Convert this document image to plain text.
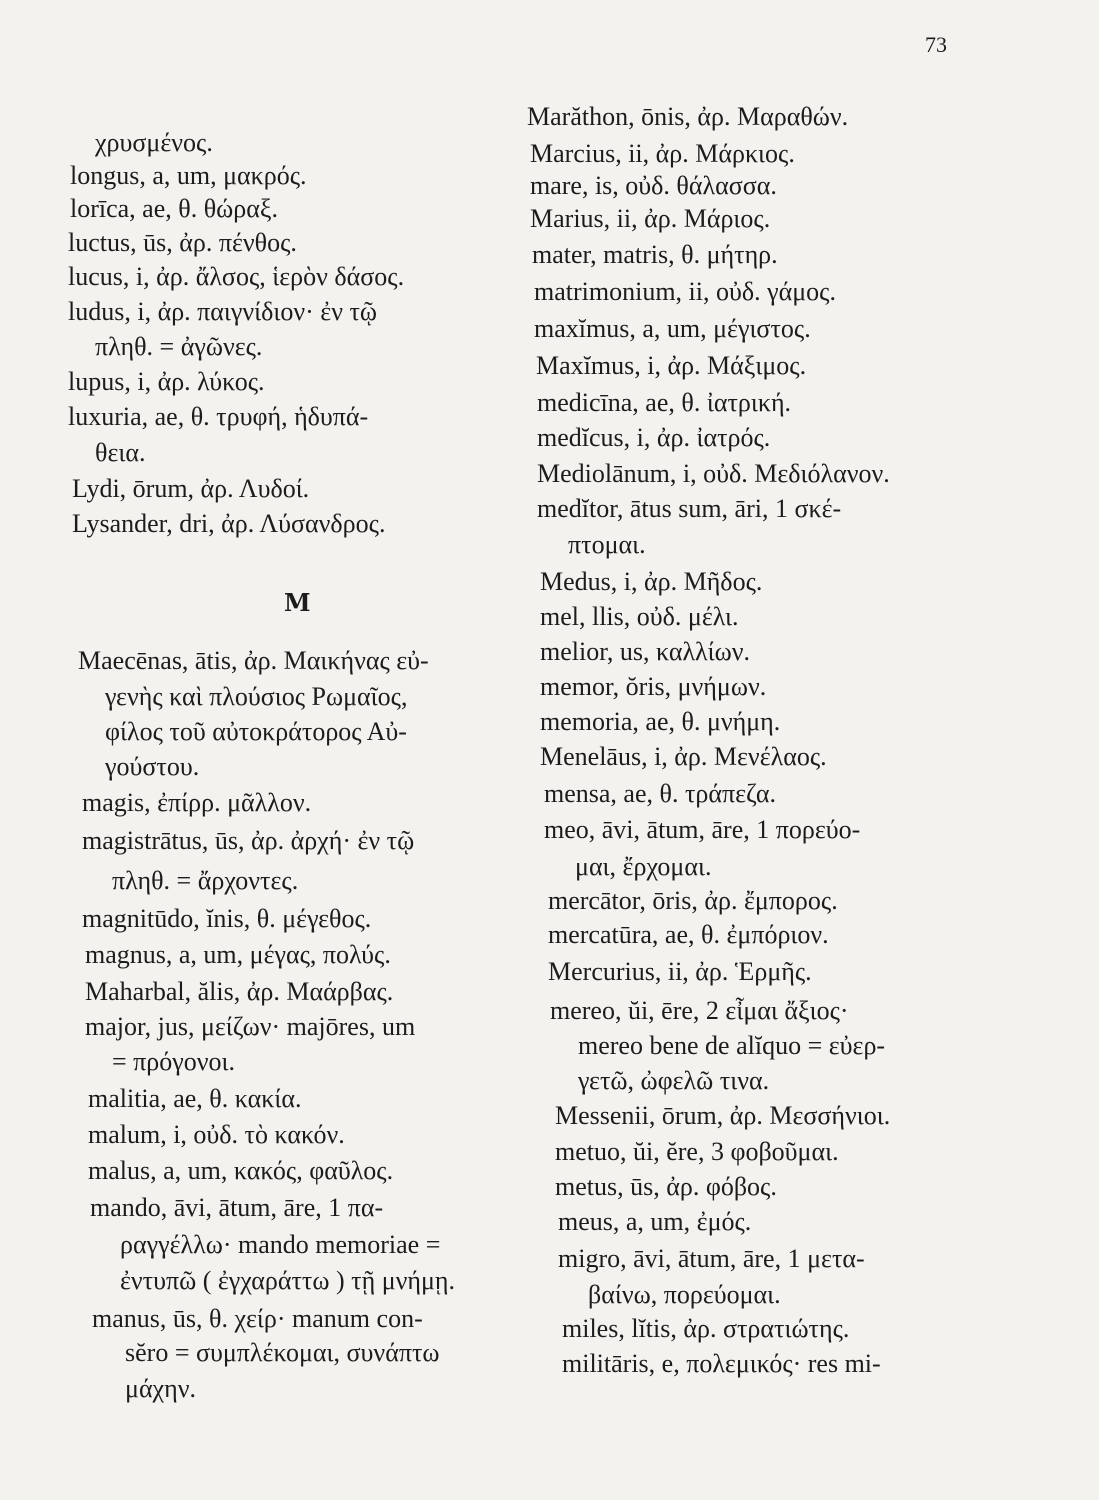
73
χρυσμένος.
longus, a, um, μακρός.
lorīca, ae, θ. θώραξ.
luctus, ūs, ἀρ. πένθος.
lucus, i, ἀρ. ἄλσος, ἱερὸν δάσος.
ludus, i, ἀρ. παιγνίδιον· ἐν τῷ
πληθ. = ἀγῶνες.
lupus, i, ἀρ. λύκος.
luxuria, ae, θ. τρυφή, ἡδυπά-
θεια.
Lydi, ōrum, ἀρ. Λυδοί.
Lysander, dri, ἀρ. Λύσανδρος.
M
Maecēnas, ātis, ἀρ. Μαικήνας εὐ-
γενὴς καὶ πλούσιος Ρωμαῖος,
φίλος τοῦ αὐτοκράτορος Αὐ-
γούστου.
magis, ἐπίρρ. μᾶλλον.
magistrātus, ūs, ἀρ. ἀρχή· ἐν τῷ
πληθ. = ἄρχοντες.
magnitūdo, ĭnis, θ. μέγεθος.
magnus, a, um, μέγας, πολύς.
Maharbal, ălis, ἀρ. Μαάρβας.
major, jus, μείζων· majōres, um
= πρόγονοι.
malitia, ae, θ. κακία.
malum, i, οὐδ. τὸ κακόν.
malus, a, um, κακός, φαῦλος.
mando, āvi, ātum, āre, 1 πα-
ραγγέλλω· mando memoriae =
ἐντυπῶ ( ἐγχαράττω ) τῇ μνήμῃ.
manus, ūs, θ. χείρ· manum con-
sĕro = συμπλέκομαι, συνάπτω
μάχην.
Marăthon, ōnis, ἀρ. Μαραθών.
Marcius, ii, ἀρ. Μάρκιος.
mare, is, οὐδ. θάλασσα.
Marius, ii, ἀρ. Μάριος.
mater, matris, θ. μήτηρ.
matrimonium, ii, οὐδ. γάμος.
maxĭmus, a, um, μέγιστος.
Maxĭmus, i, ἀρ. Μάξιμος.
medicīna, ae, θ. ἰατρική.
medĭcus, i, ἀρ. ἰατρός.
Mediolānum, i, οὐδ. Μεδιόλανον.
medĭtor, ātus sum, āri, 1 σκέ-
πτομαι.
Medus, i, ἀρ. Μῆδος.
mel, llis, οὐδ. μέλι.
melior, us, καλλίων.
memor, ŏris, μνήμων.
memoria, ae, θ. μνήμη.
Menelāus, i, ἀρ. Μενέλαος.
mensa, ae, θ. τράπεζα.
meo, āvi, ātum, āre, 1 πορεύο-
μαι, ἔρχομαι.
mercātor, ōris, ἀρ. ἔμπορος.
mercatūra, ae, θ. ἐμπόριον.
Mercurius, ii, ἀρ. Ἑρμῆς.
mereo, ŭi, ēre, 2 εἶμαι ἄξιος·
mereo bene de alĭquo = εὐερ-
γετῶ, ὠφελῶ τινα.
Messenii, ōrum, ἀρ. Μεσσήνιοι.
metuo, ŭi, ĕre, 3 φοβοῦμαι.
metus, ūs, ἀρ. φόβος.
meus, a, um, ἐμός.
migro, āvi, ātum, āre, 1 μετα-
βαίνω, πορεύομαι.
miles, lĭtis, ἀρ. στρατιώτης.
militāris, e, πολεμικός· res mi-
